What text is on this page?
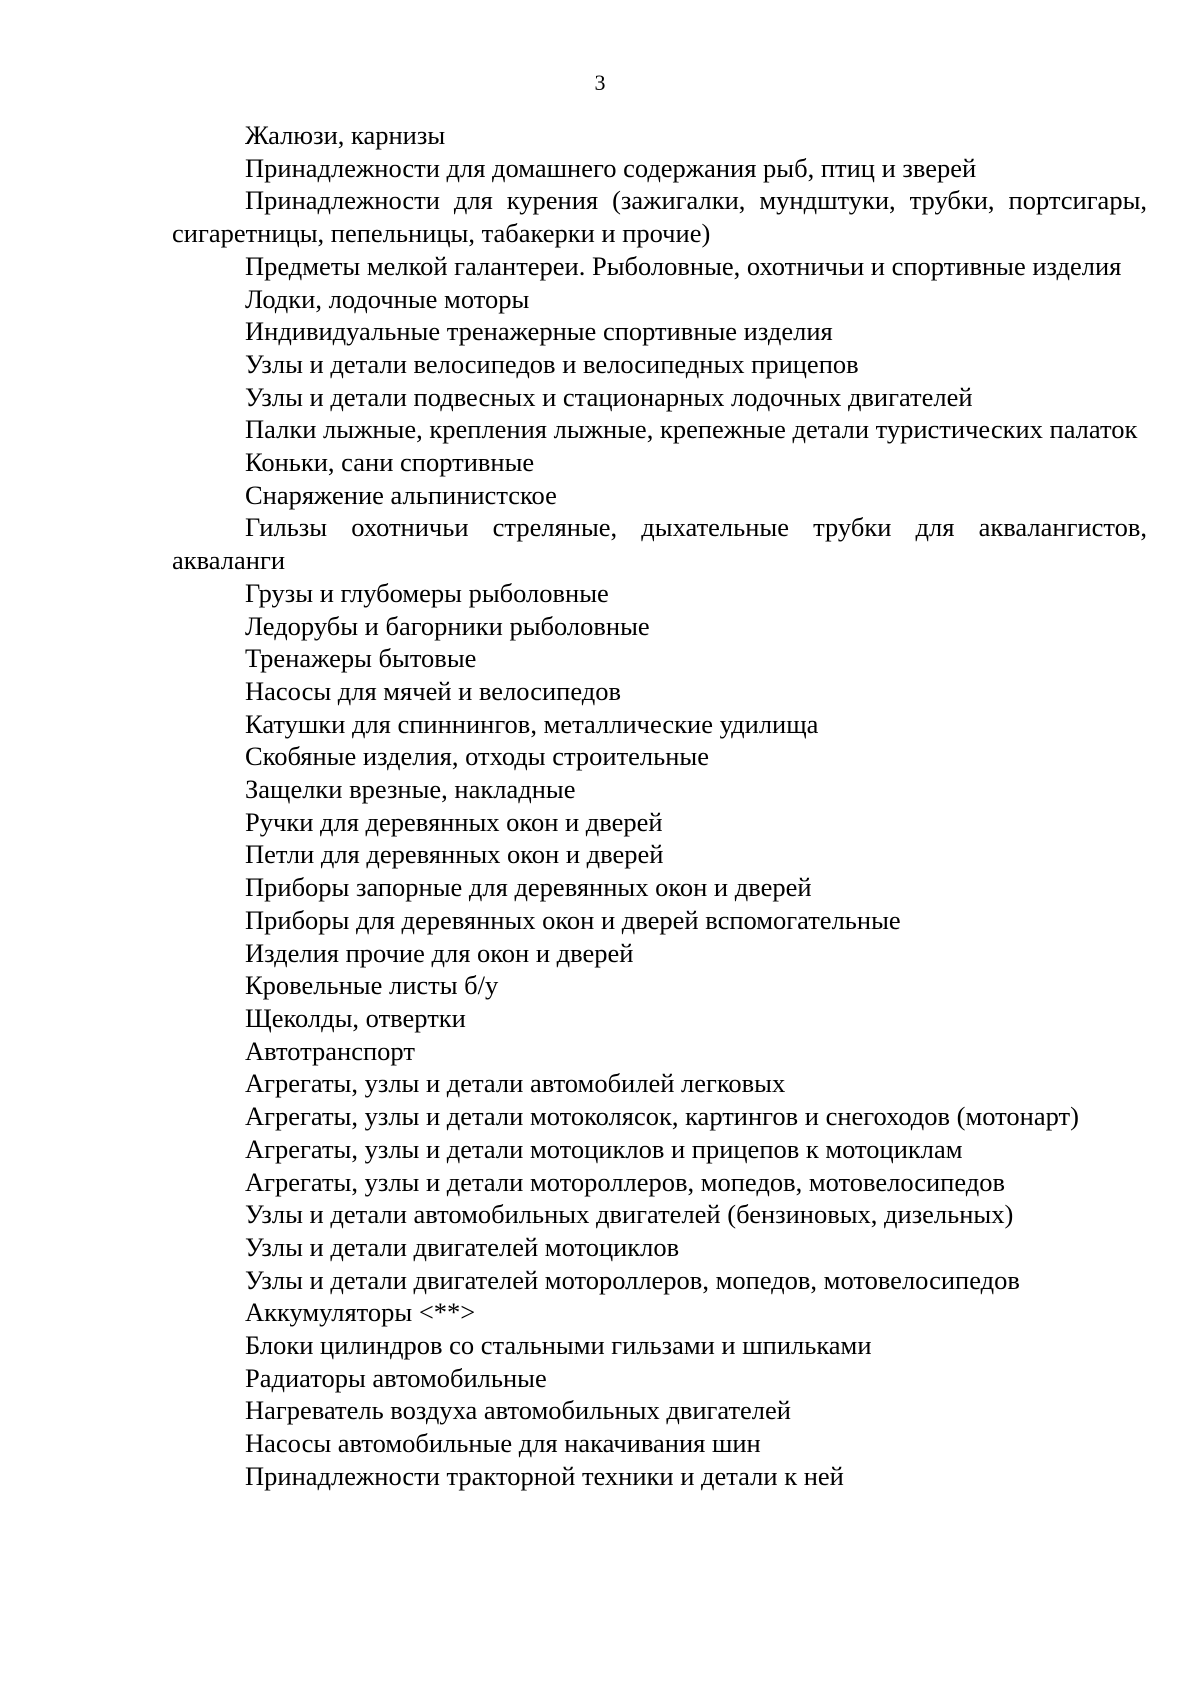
3

Жалюзи, карнизы

Принадлежности для домашнего содержания рыб, птиц и зверей

Принадлежности для курения (зажигалки, мундштуки, трубки, портсигары, сигаретницы, пепельницы, табакерки и прочие)

Предметы мелкой галантереи. Рыболовные, охотничьи и спортивные изделия

Лодки, лодочные моторы

Индивидуальные тренажерные спортивные изделия

Узлы и детали велосипедов и велосипедных прицепов

Узлы и детали подвесных и стационарных лодочных двигателей

Палки лыжные, крепления лыжные, крепежные детали туристических палаток

Коньки, сани спортивные

Снаряжение альпинистское

Гильзы охотничьи стреляные, дыхательные трубки для аквалангистов, акваланги

Грузы и глубомеры рыболовные

Ледорубы и багорники рыболовные

Тренажеры бытовые

Насосы для мячей и велосипедов

Катушки для спиннингов, металлические удилища

Скобяные изделия, отходы строительные

Защелки врезные, накладные

Ручки для деревянных окон и дверей

Петли для деревянных окон и дверей

Приборы запорные для деревянных окон и дверей

Приборы для деревянных окон и дверей вспомогательные

Изделия прочие для окон и дверей

Кровельные листы б/у

Щеколды, отвертки

Автотранспорт

Агрегаты, узлы и детали автомобилей легковых

Агрегаты, узлы и детали мотоколясок, картингов и снегоходов (мотонарт)

Агрегаты, узлы и детали мотоциклов и прицепов к мотоциклам

Агрегаты, узлы и детали мотороллеров, мопедов, мотовелосипедов

Узлы и детали автомобильных двигателей (бензиновых, дизельных)

Узлы и детали двигателей мотоциклов

Узлы и детали двигателей мотороллеров, мопедов, мотовелосипедов

Аккумуляторы <**>

Блоки цилиндров со стальными гильзами и шпильками

Радиаторы автомобильные

Нагреватель воздуха автомобильных двигателей

Насосы автомобильные для накачивания шин

Принадлежности тракторной техники и детали к ней
